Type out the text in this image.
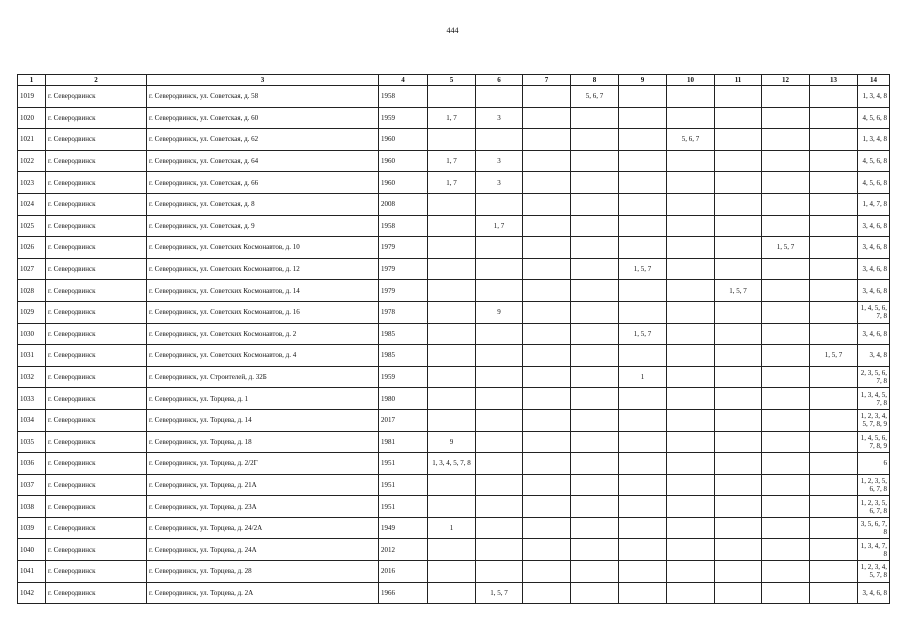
444
1	2	3	4	5	6	7	8	9	10	11	12	13	14
1019	г. Северодвинск	г. Северодвинск, ул. Советская, д. 58	1958				5, 6, 7						1, 3, 4, 8
1020	г. Северодвинск	г. Северодвинск, ул. Советская, д. 60	1959	1, 7	3								4, 5, 6, 8
1021	г. Северодвинск	г. Северодвинск, ул. Советская, д. 62	1960						5, 6, 7				1, 3, 4, 8
1022	г. Северодвинск	г. Северодвинск, ул. Советская, д. 64	1960	1, 7	3								4, 5, 6, 8
1023	г. Северодвинск	г. Северодвинск, ул. Советская, д. 66	1960	1, 7	3								4, 5, 6, 8
1024	г. Северодвинск	г. Северодвинск, ул. Советская, д. 8	2008										1, 4, 7, 8
1025	г. Северодвинск	г. Северодвинск, ул. Советская, д. 9	1958		1, 7								3, 4, 6, 8
1026	г. Северодвинск	г. Северодвинск, ул. Советских Космонавтов, д. 10	1979								1, 5, 7		3, 4, 6, 8
1027	г. Северодвинск	г. Северодвинск, ул. Советских Космонавтов, д. 12	1979					1, 5, 7					3, 4, 6, 8
1028	г. Северодвинск	г. Северодвинск, ул. Советских Космонавтов, д. 14	1979							1, 5, 7			3, 4, 6, 8
1029	г. Северодвинск	г. Северодвинск, ул. Советских Космонавтов, д. 16	1978		9								1, 4, 5, 6, 7, 8
1030	г. Северодвинск	г. Северодвинск, ул. Советских Космонавтов, д. 2	1985					1, 5, 7					3, 4, 6, 8
1031	г. Северодвинск	г. Северодвинск, ул. Советских Космонавтов, д. 4	1985									1, 5, 7	3, 4, 8
1032	г. Северодвинск	г. Северодвинск, ул. Строителей, д. 32Б	1959					1					2, 3, 5, 6, 7, 8
1033	г. Северодвинск	г. Северодвинск, ул. Торцева, д. 1	1980										1, 3, 4, 5, 7, 8
1034	г. Северодвинск	г. Северодвинск, ул. Торцева, д. 14	2017										1, 2, 3, 4, 5, 7, 8, 9
1035	г. Северодвинск	г. Северодвинск, ул. Торцева, д. 18	1981	9									1, 4, 5, 6, 7, 8, 9
1036	г. Северодвинск	г. Северодвинск, ул. Торцева, д. 2/2Г	1951	1, 3, 4, 5, 7, 8									6
1037	г. Северодвинск	г. Северодвинск, ул. Торцева, д. 21А	1951										1, 2, 3, 5, 6, 7, 8
1038	г. Северодвинск	г. Северодвинск, ул. Торцева, д. 23А	1951										1, 2, 3, 5, 6, 7, 8
1039	г. Северодвинск	г. Северодвинск, ул. Торцева, д. 24/2А	1949	1									3, 5, 6, 7, 8
1040	г. Северодвинск	г. Северодвинск, ул. Торцева, д. 24А	2012										1, 3, 4, 7, 8
1041	г. Северодвинск	г. Северодвинск, ул. Торцева, д. 28	2016										1, 2, 3, 4, 5, 7, 8
1042	г. Северодвинск	г. Северодвинск, ул. Торцева, д. 2А	1966		1, 5, 7								3, 4, 6, 8
